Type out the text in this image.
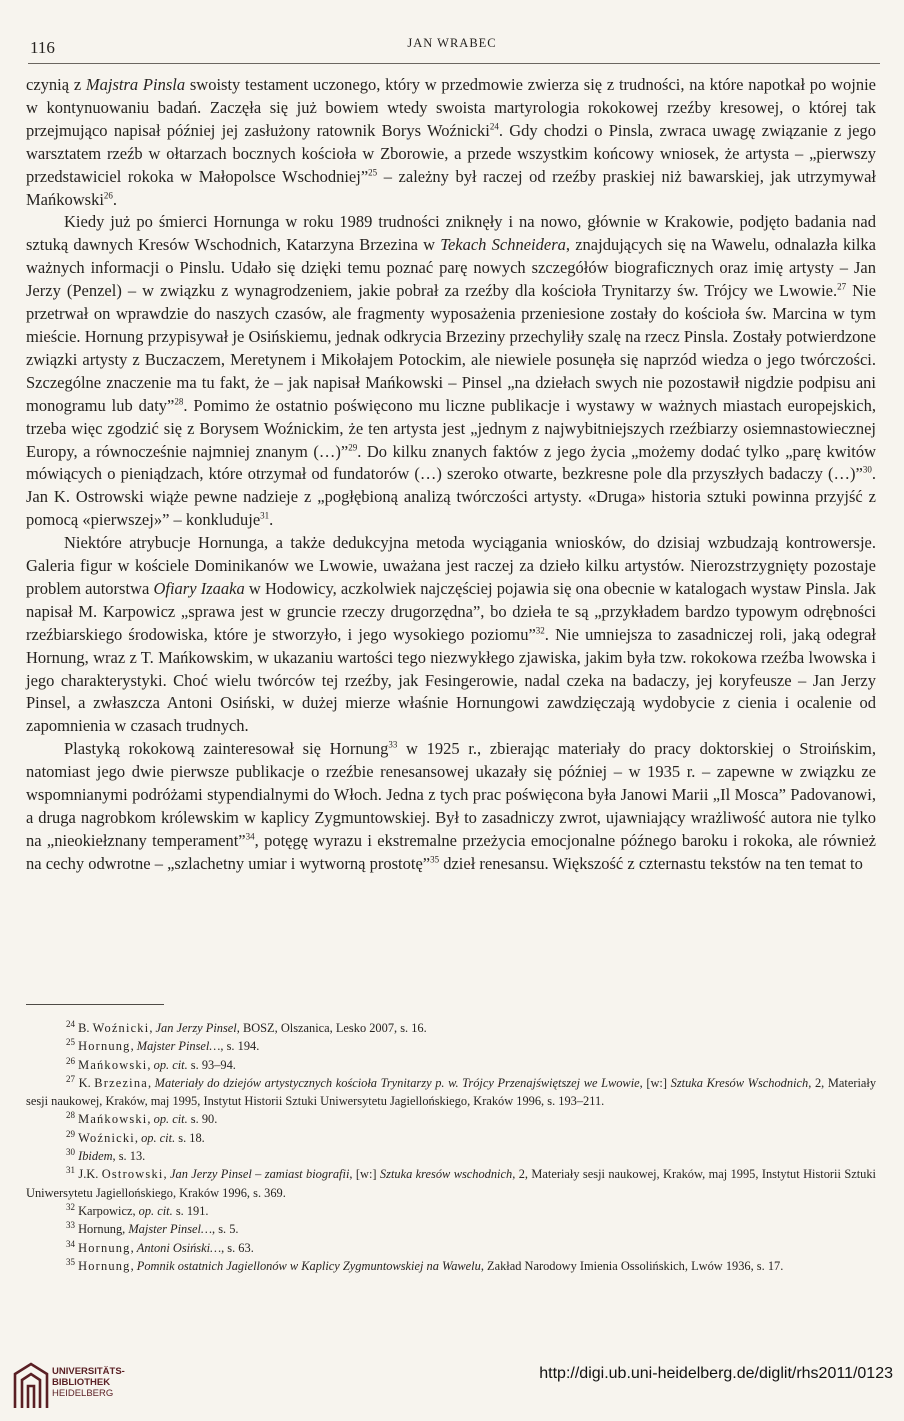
116	JAN WRABEC

czynią z Majstra Pinsla swoisty testament uczonego, który w przedmowie zwierza się z trudności, na które napotkał po wojnie w kontynuowaniu badań. Zaczęła się już bowiem wtedy swoista martyrologia rokokowej rzeźby kresowej, o której tak przejmująco napisał później jej zasłużony ratownik Borys Woźnicki$^{24}$. Gdy chodzi o Pinsla, zwraca uwagę związanie z jego warsztatem rzeźb w ołtarzach bocznych kościoła w Zborowie, a przede wszystkim końcowy wniosek, że artysta – „pierwszy przedstawiciel rokoka w Małopolsce Wschodniej”$^{25}$ – zależny był raczej od rzeźby praskiej niż bawarskiej, jak utrzymywał Mańkowski$^{26}$.

Kiedy już po śmierci Hornunga w roku 1989 trudności zniknęły i na nowo, głównie w Krakowie, podjęto badania nad sztuką dawnych Kresów Wschodnich, Katarzyna Brzezina w Tekach Schneidera, znajdujących się na Wawelu, odnalazła kilka ważnych informacji o Pinslu. Udało się dzięki temu poznać parę nowych szczegółów biograficznych oraz imię artysty – Jan Jerzy (Penzel) – w związku z wynagrodzeniem, jakie pobrał za rzeźby dla kościoła Trynitarzy św. Trójcy we Lwowie.$^{27}$ Nie przetrwał on wprawdzie do naszych czasów, ale fragmenty wyposażenia przeniesione zostały do kościoła św. Marcina w tym mieście. Hornung przypisywał je Osińskiemu, jednak odkrycia Brzeziny przechyliły szalę na rzecz Pinsla. Zostały potwierdzone związki artysty z Buczaczem, Meretynem i Mikołajem Potockim, ale niewiele posunęła się naprzód wiedza o jego twórczości. Szczególne znaczenie ma tu fakt, że – jak napisał Mańkowski – Pinsel „na dziełach swych nie pozostawił nigdzie podpisu ani monogramu lub daty”$^{28}$. Pomimo że ostatnio poświęcono mu liczne publikacje i wystawy w ważnych miastach europejskich, trzeba więc zgodzić się z Borysem Woźnickim, że ten artysta jest „jednym z najwybitniejszych rzeźbiarzy osiemnastowiecznej Europy, a równocześnie najmniej znanym (…)”$^{29}$. Do kilku znanych faktów z jego życia „możemy dodać tylko „parę kwitów mówiących o pieniądzach, które otrzymał od fundatorów (…) szeroko otwarte, bezkresne pole dla przyszłych badaczy (…)”$^{30}$. Jan K. Ostrowski wiąże pewne nadzieje z „pogłębioną analizą twórczości artysty. «Druga» historia sztuki powinna przyjść z pomocą «pierwszej»” – konkluduje$^{31}$.

Niektóre atrybucje Hornunga, a także dedukcyjna metoda wyciągania wniosków, do dzisiaj wzbudzają kontrowersje. Galeria figur w kościele Dominikanów we Lwowie, uważana jest raczej za dzieło kilku artystów. Nierozstrzygnięty pozostaje problem autorstwa Ofiary Izaaka w Hodowicy, aczkolwiek najczęściej pojawia się ona obecnie w katalogach wystaw Pinsla. Jak napisał M. Karpowicz „sprawa jest w gruncie rzeczy drugorzędna”, bo dzieła te są „przykładem bardzo typowym odrębności rzeźbiarskiego środowiska, które je stworzyło, i jego wysokiego poziomu”$^{32}$. Nie umniejsza to zasadniczej roli, jaką odegrał Hornung, wraz z T. Mańkowskim, w ukazaniu wartości tego niezwykłego zjawiska, jakim była tzw. rokokowa rzeźba lwowska i jego charakterystyki. Choć wielu twórców tej rzeźby, jak Fesingerowie, nadal czeka na badaczy, jej koryfeusze – Jan Jerzy Pinsel, a zwłaszcza Antoni Osiński, w dużej mierze właśnie Hornungowi zawdzięczają wydobycie z cienia i ocalenie od zapomnienia w czasach trudnych.

Plastyką rokokową zainteresował się Hornung$^{33}$ w 1925 r., zbierając materiały do pracy doktorskiej o Stroińskim, natomiast jego dwie pierwsze publikacje o rzeźbie renesansowej ukazały się później – w 1935 r. – zapewne w związku ze wspomnianymi podróżami stypendialnymi do Włoch. Jedna z tych prac poświęcona była Janowi Marii „Il Mosca” Padovanowi, a druga nagrobkom królewskim w kaplicy Zygmuntowskiej. Był to zasadniczy zwrot, ujawniający wrażliwość autora nie tylko na „nieokiełznany temperament”$^{34}$, potęgę wyrazu i ekstremalne przeżycia emocjonalne późnego baroku i rokoka, ale również na cechy odwrotne – „szlachetny umiar i wytworną prostotę”$^{35}$ dzieł renesansu. Większość z czternastu tekstów na ten temat to

$^{24}$ B. Woźnicki, Jan Jerzy Pinsel, BOSZ, Olszanica, Lesko 2007, s. 16.

$^{25}$ Hornung, Majster Pinsel…, s. 194.

$^{26}$ Mańkowski, op. cit. s. 93–94.

$^{27}$ K. Brzezina, Materiały do dziejów artystycznych kościoła Trynitarzy p. w. Trójcy Przenajświętszej we Lwowie, [w:] Sztuka Kresów Wschodnich, 2, Materiały sesji naukowej, Kraków, maj 1995, Instytut Historii Sztuki Uniwersytetu Jagiellońskiego, Kraków 1996, s. 193–211.

$^{28}$ Mańkowski, op. cit. s. 90.

$^{29}$ Woźnicki, op. cit. s. 18.

$^{30}$ Ibidem, s. 13.

$^{31}$ J.K. Ostrowski, Jan Jerzy Pinsel – zamiast biografii, [w:] Sztuka kresów wschodnich, 2, Materiały sesji naukowej, Kraków, maj 1995, Instytut Historii Sztuki Uniwersytetu Jagiellońskiego, Kraków 1996, s. 369.

$^{32}$ Karpowicz, op. cit. s. 191.

$^{33}$ Hornung, Majster Pinsel…, s. 5.

$^{34}$ Hornung, Antoni Osiński…, s. 63.

$^{35}$ Hornung, Pomnik ostatnich Jagiellonów w Kaplicy Zygmuntowskiej na Wawelu, Zakład Narodowy Imienia Ossolińskich, Lwów 1936, s. 17.

UNIVERSITÄTS-
BIBLIOTHEK
HEIDELBERG
http://digi.ub.uni-heidelberg.de/diglit/rhs2011/0123
